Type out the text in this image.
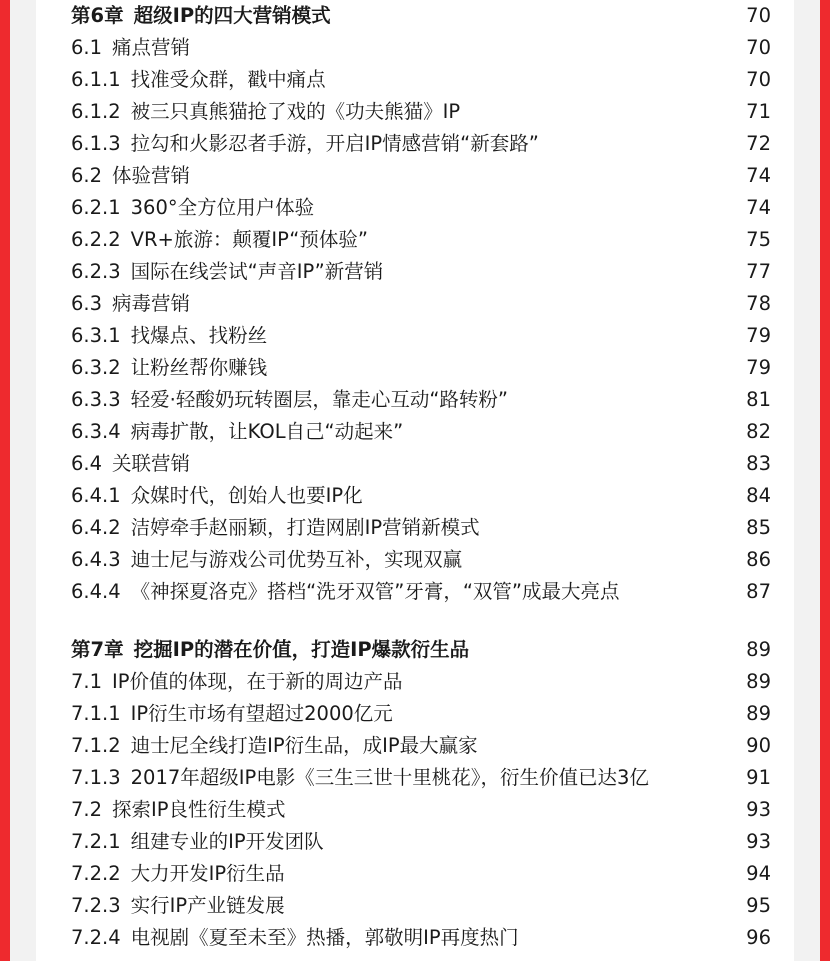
第6章 超级IP的四大营销模式	70
6.1 痛点营销	70
6.1.1 找准受众群，戳中痛点	70
6.1.2 被三只真熊猫抢了戏的《功夫熊猫》IP	71
6.1.3 拉勾和火影忍者手游，开启IP情感营销“新套路”	72
6.2 体验营销	74
6.2.1 360°全方位用户体验	74
6.2.2 VR+旅游：颠覆IP“预体验”	75
6.2.3 国际在线尝试“声音IP”新营销	77
6.3 病毒营销	78
6.3.1 找爆点、找粉丝	79
6.3.2 让粉丝帮你赚钱	79
6.3.3 轻爱·轻酸奶玩转圈层，靠走心互动“路转粉”	81
6.3.4 病毒扩散，让KOL自己“动起来”	82
6.4 关联营销	83
6.4.1 众媒时代，创始人也要IP化	84
6.4.2 洁婷牵手赵丽颖，打造网剧IP营销新模式	85
6.4.3 迪士尼与游戏公司优势互补，实现双赢	86
6.4.4 《神探夏洛克》搭档“洗牙双管”牙膏，“双管”成最大亮点	87
第7章 挖掘IP的潜在价值，打造IP爆款衍生品	89
7.1 IP价值的体现，在于新的周边产品	89
7.1.1 IP衍生市场有望超过2000亿元	89
7.1.2 迪士尼全线打造IP衍生品，成IP最大赢家	90
7.1.3 2017年超级IP电影《三生三世十里桃花》，衍生价值已达3亿	91
7.2 探索IP良性衍生模式	93
7.2.1 组建专业的IP开发团队	93
7.2.2 大力开发IP衍生品	94
7.2.3 实行IP产业链发展	95
7.2.4 电视剧《夏至未至》热播，郭敬明IP再度热门	96
